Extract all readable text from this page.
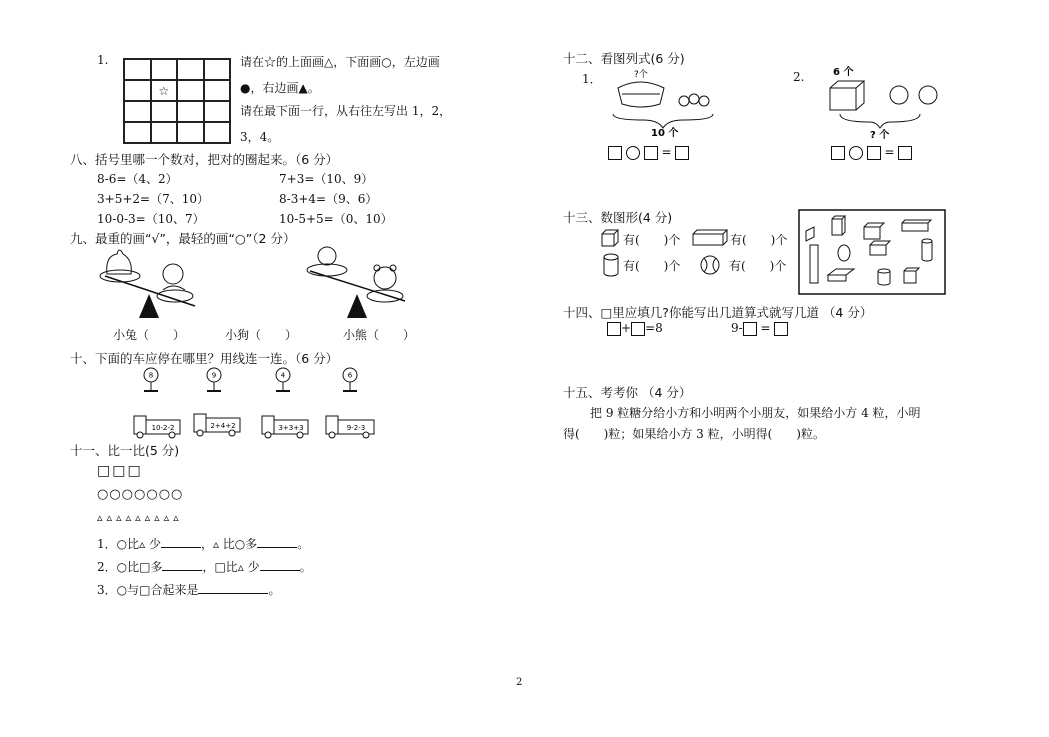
1.
☆
请在☆的上面画△，下面画○，左边画
●，右边画▲。
请在最下面一行，从右往左写出 1，2，
3，4。
八、括号里哪一个数对，把对的圈起来。（6 分）
8-6=（4、2）	7+3=（10、9）
3+5+2=（7、10）	8-3+4=（9、6）
10-0-3=（10、7）	10-5+5=（0、10）
九、最重的画“√”，最轻的画“○”（2 分）
小兔（　　）	小狗（　　）	小熊（　　）
十、下面的车应停在哪里？用线连一连。（6 分）
8	9	4	6
10-2-2	2+4+2	3+3+3	9-2-3
十一、比一比(5 分)
□□□
○○○○○○○
▵▵▵▵▵▵▵▵▵
1．○比▵ 少	，▵ 比○多	。
2．○比□多	，□比▵ 少	。
3．○与□合起来是	。
十二、看图列式(6 分)
1．	2.
?个
10 个
6 个
? 个
=	=
十三、数图形(4 分)
有(　　)个	有(　　)个
有(　　)个	有(　　)个
十四、□里应填几?你能写出几道算式就写几道 （4 分）
+ =8	9- =
十五、考考你 （4 分）
把 9 粒糖分给小方和小明两个小朋友，如果给小方 4 粒，小明
得(　　)粒；如果给小方 3 粒，小明得(　　)粒。
2
